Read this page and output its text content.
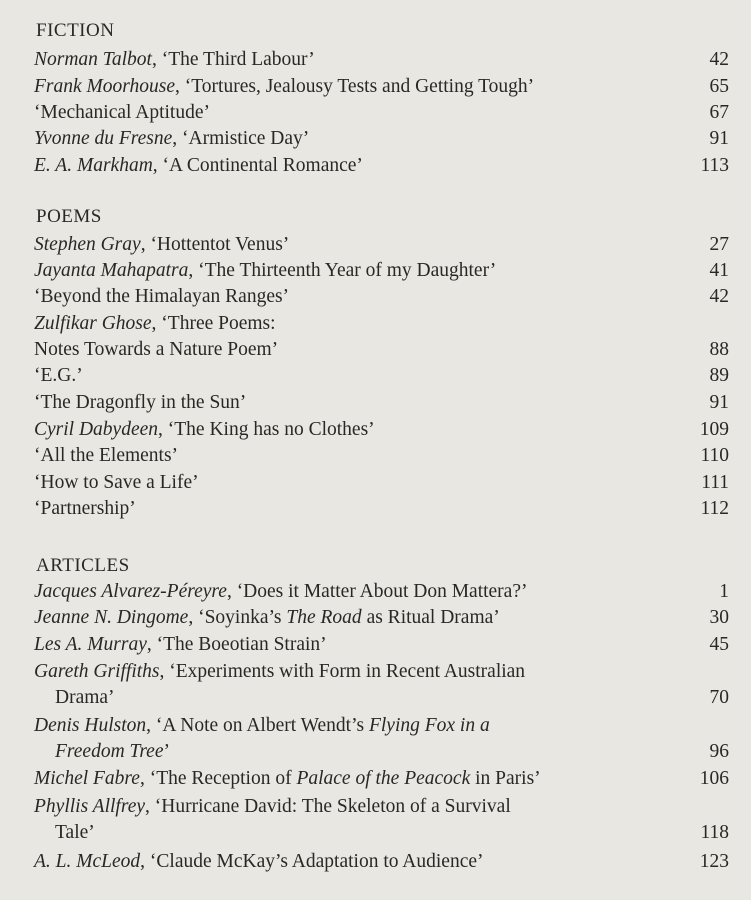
FICTION
Norman Talbot, ‘The Third Labour’	42
Frank Moorhouse, ‘Tortures, Jealousy Tests and Getting Tough’	65
‘Mechanical Aptitude’	67
Yvonne du Fresne, ‘Armistice Day’	91
E. A. Markham, ‘A Continental Romance’	113
POEMS
Stephen Gray, ‘Hottentot Venus’	27
Jayanta Mahapatra, ‘The Thirteenth Year of my Daughter’	41
‘Beyond the Himalayan Ranges’	42
Zulfikar Ghose, ‘Three Poems:
Notes Towards a Nature Poem’	88
‘E.G.’	89
‘The Dragonfly in the Sun’	91
Cyril Dabydeen, ‘The King has no Clothes’	109
‘All the Elements’	110
‘How to Save a Life’	111
‘Partnership’	112
ARTICLES
Jacques Alvarez-Péreyre, ‘Does it Matter About Don Mattera?’	1
Jeanne N. Dingome, ‘Soyinka’s The Road as Ritual Drama’	30
Les A. Murray, ‘The Boeotian Strain’	45
Gareth Griffiths, ‘Experiments with Form in Recent Australian
Drama’	70
Denis Hulston, ‘A Note on Albert Wendt’s Flying Fox in a
Freedom Tree’	96
Michel Fabre, ‘The Reception of Palace of the Peacock in Paris’	106
Phyllis Allfrey, ‘Hurricane David: The Skeleton of a Survival
Tale’	118
A. L. McLeod, ‘Claude McKay’s Adaptation to Audience’	123
